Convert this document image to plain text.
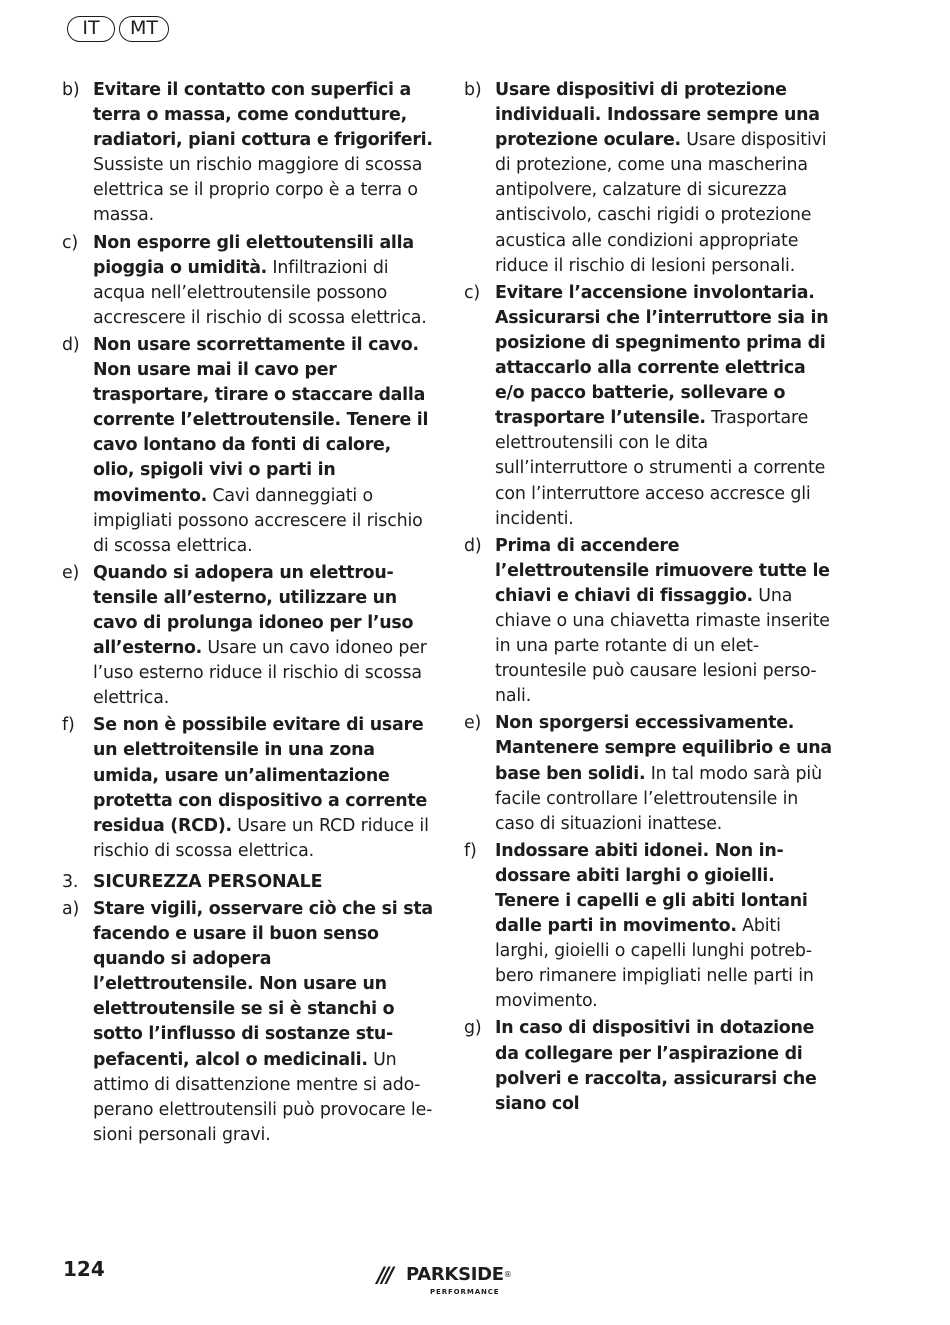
IT	MT
b) Evitare il contatto con superfici a terra o massa, come condutture, radiatori, piani cottura e frigoriferi. Sussiste un rischio maggiore di scossa elettrica se il proprio corpo è a terra o massa.
c) Non esporre gli elettoutensili alla pioggia o umidità. Infiltrazioni di acqua nell’elettroutensile possono accrescere il rischio di scossa elettrica.
d) Non usare scorrettamente il cavo. Non usare mai il cavo per trasportare, tirare o staccare dalla corrente l’elettroutensile. Tenere il cavo lontano da fonti di calore, olio, spigoli vivi o parti in movimento. Cavi danneggiati o impigliati possono accrescere il rischio di scossa elettrica.
e) Quando si adopera un elettroutensile all’esterno, utilizzare un cavo di prolunga idoneo per l’uso all’esterno. Usare un cavo idoneo per l’uso esterno riduce il rischio di scossa elettrica.
f) Se non è possibile evitare di usare un elettroitensile in una zona umida, usare un’alimentazione protetta con dispositivo a corrente residua (RCD). Usare un RCD riduce il rischio di scossa elettrica.
3. SICUREZZA PERSONALE
a) Stare vigili, osservare ciò che si sta facendo e usare il buon senso quando si adopera l’elettroutensile. Non usare un elettroutensile se si è stanchi o sotto l’influsso di sostanze stupefacenti, alcol o medicinali. Un attimo di disattenzione mentre si adoperano elettroutensili può provocare lesioni personali gravi.
b) Usare dispositivi di protezione individuali. Indossare sempre una protezione oculare. Usare dispositivi di protezione, come una mascherina antipolvere, calzature di sicurezza antiscivolo, caschi rigidi o protezione acustica alle condizioni appropriate riduce il rischio di lesioni personali.
c) Evitare l’accensione involontaria. Assicurarsi che l’interruttore sia in posizione di spegnimento prima di attaccarlo alla corrente elettrica e/o pacco batterie, sollevare o trasportare l’utensile. Trasportare elettroutensili con le dita sull’interruttore o strumenti a corrente con l’interruttore acceso accresce gli incidenti.
d) Prima di accendere l’elettroutensile rimuovere tutte le chiavi e chiavi di fissaggio. Una chiave o una chiavetta rimaste inserite in una parte rotante di un elettrountesile può causare lesioni personali.
e) Non sporgersi eccessivamente. Mantenere sempre equilibrio e una base ben solidi. In tal modo sarà più facile controllare l’elettroutensile in caso di situazioni inattese.
f) Indossare abiti idonei. Non indossare abiti larghi o gioielli. Tenere i capelli e gli abiti lontani dalle parti in movimento. Abiti larghi, gioielli o capelli lunghi potrebbero rimanere impigliati nelle parti in movimento.
g) In caso di dispositivi in dotazione da collegare per l’aspirazione di polveri e raccolta, assicurarsi che siano col
124	/// PARKSIDE®
PERFORMANCE
